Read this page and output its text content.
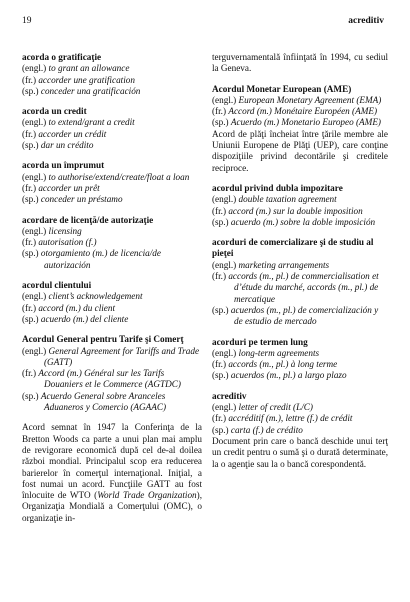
19	acreditiv
acorda o gratificaţie
(engl.) to grant an allowance
(fr.) accorder une gratification
(sp.) conceder una gratificación
acorda un credit
(engl.) to extend/grant a credit
(fr.) accorder un crédit
(sp.) dar un crédito
acorda un împrumut
(engl.) to authorise/extend/create/float a loan
(fr.) accorder un prêt
(sp.) conceder un préstamo
acordare de licenţă/de autorizaţie
(engl.) licensing
(fr.) autorisation (f.)
(sp.) otorgamiento (m.) de licencia/de autorización
acordul clientului
(engl.) client’s acknowledgement
(fr.) accord (m.) du client
(sp.) acuerdo (m.) del cliente
Acordul General pentru Tarife şi Comerţ
(engl.) General Agreement for Tariffs and Trade (GATT)
(fr.) Accord (m.) Général sur les Tarifs Douaniers et le Commerce (AGTDC)
(sp.) Acuerdo General sobre Aranceles Aduaneros y Comercio (AGAAC)

Acord semnat în 1947 la Conferinţa de la Bretton Woods ca parte a unui plan mai amplu de revigorare economică după cel de-al doilea război mondial. Principalul scop era reducerea barierelor în comerţul internaţional. Iniţial, a fost numai un acord. Funcţiile GATT au fost înlocuite de WTO (World Trade Organization), Organizaţia Mondială a Comerţului (OMC), o organizaţie in-

terguvernamentală înfiinţată în 1994, cu sediul la Geneva.

Acordul Monetar European (AME)
(engl.) European Monetary Agreement (EMA)
(fr.) Accord (m.) Monétaire Européen (AME)
(sp.) Acuerdo (m.) Monetario Europeo (AME)

Acord de plăţi încheiat între ţările membre ale Uniunii Europene de Plăţi (UEP), care conţine dispoziţiile privind decontările şi creditele reciproce.

acordul privind dubla impozitare
(engl.) double taxation agreement
(fr.) accord (m.) sur la double imposition
(sp.) acuerdo (m.) sobre la doble imposición
acorduri de comercializare şi de studiu al pieţei
(engl.) marketing arrangements
(fr.) accords (m., pl.) de commercialisation et d’étude du marché, accords (m., pl.) de mercatique
(sp.) acuerdos (m., pl.) de comercialización y de estudio de mercado
acorduri pe termen lung
(engl.) long-term agreements
(fr.) accords (m., pl.) à long terme
(sp.) acuerdos (m., pl.) a largo plazo
acreditiv
(engl.) letter of credit (L/C)
(fr.) accréditif (m.), lettre (f.) de crédit
(sp.) carta (f.) de crédito

Document prin care o bancă deschide unui terţ un credit pentru o sumă şi o durată determinate, la o agenţie sau la o bancă corespondentă.
